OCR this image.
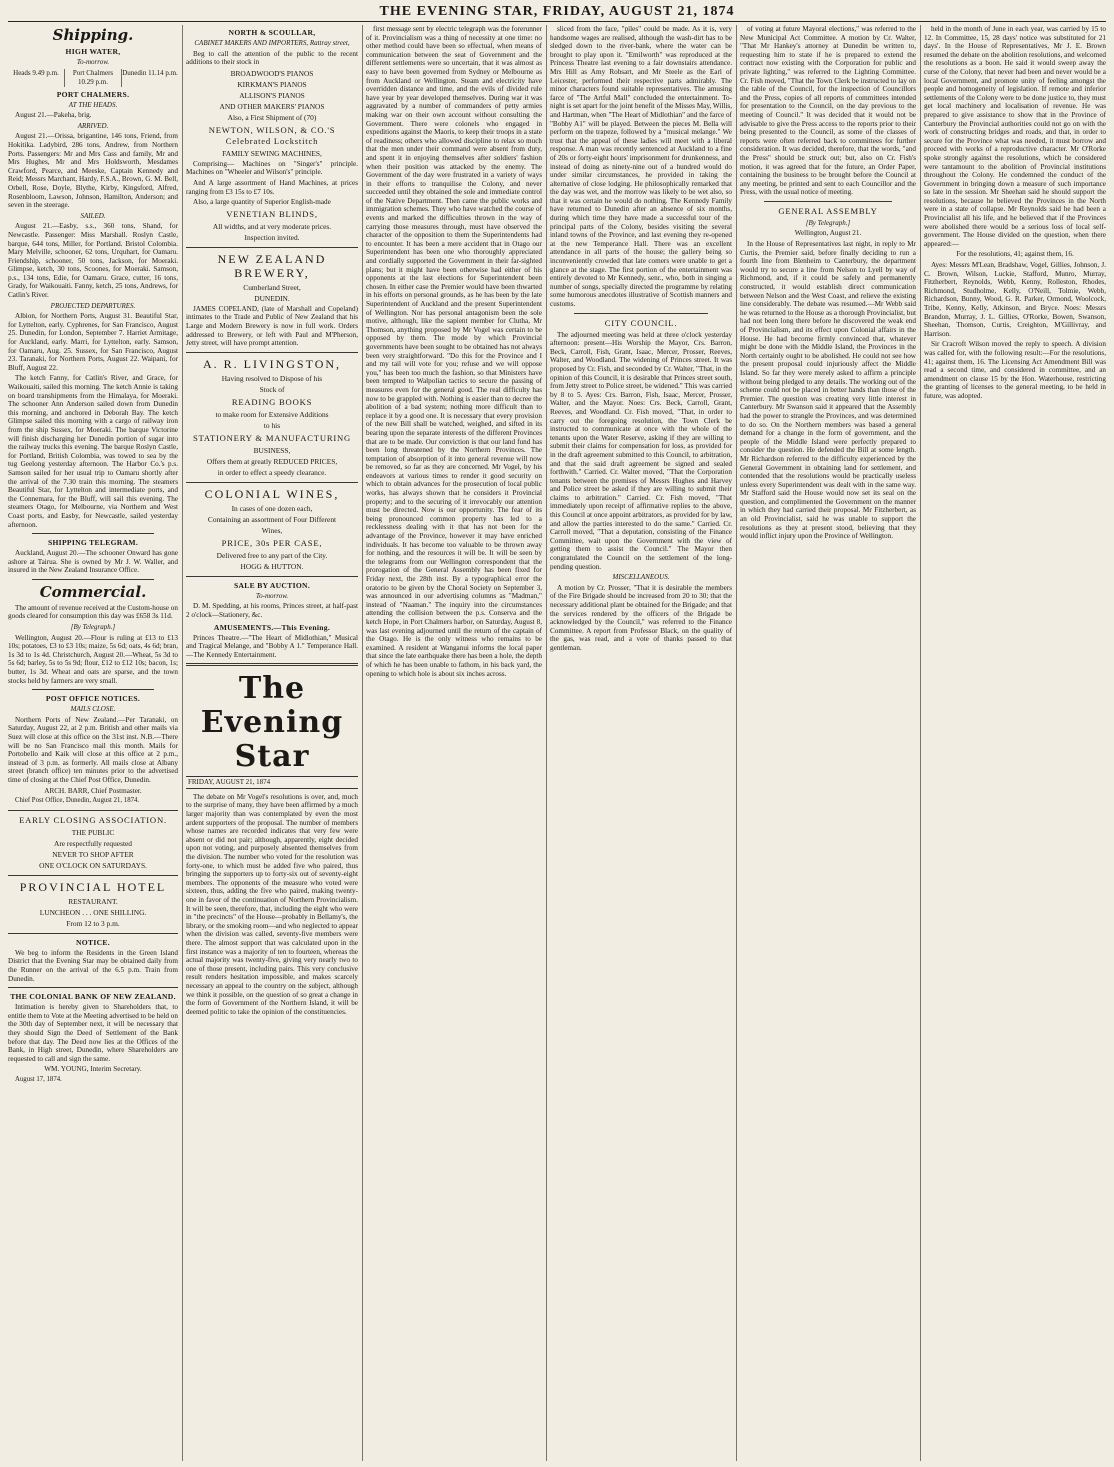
THE EVENING STAR, FRIDAY, AUGUST 21, 1874
Shipping.
HIGH WATER,
To-morrow.
Heads 9.49 p.m.	Port Chalmers 10.29 p.m.
Dunedin 11.14 p.m.
PORT CHALMERS.
AT THE HEADS.

August 21.—Pakeha, brig.

ARRIVED.

August 21.—Orissa, brigantine, 146 tons, Friend, from Hokitika. Ladybird, 286 tons, Andrew, from Northern Ports. Passengers: Mr and Mrs Cass and family, Mr and Mrs Hughes, Mr and Mrs Holdsworth, Mesdames Crawford, Pearce, and Meeske, Captain Kennedy and Reid; Messrs Marchant, Hardy, F.S.A., Brown, G. M. Bell, Orbell, Rose, Doyle, Blythe, Kirby, Kingsford, Alfred, Rosenbloom, Lawson, Johnson, Hamilton, Anderson; and seven in the steerage.

SAILED.

August 21.—Easby, s.s., 360 tons, Shand, for Newcastle. Passenger: Miss Marshall. Roslyn Castle, barque, 644 tons, Miller, for Portland. Bristol Colombia. Mary Melville, schooner, 62 tons, Urquhart, for Oamaru. Friendship, schooner, 50 tons, Jackson, for Moeraki. Glimpse, ketch, 30 tons, Scoones, for Moeraki. Samson, p.s., 134 tons, Edie, for Oamaru. Grace, cutter, 16 tons, Grady, for Waikouaiti. Fanny, ketch, 25 tons, Andrews, for Catlin's River.

PROJECTED DEPARTURES.

Albion, for Northern Ports, August 31. Beautiful Star, for Lyttelton, early. Cyphrenes, for San Francisco, August 25. Dunedin, for London, September 7. Harriet Armitage, for Auckland, early. Marri, for Lyttelton, early. Samson, for Oamaru, Aug. 25. Sussex, for San Francisco, August 23. Taranaki, for Northern Ports, August 22. Waipani, for Bluff, August 22.

The ketch Fanny, for Catlin's River, and Grace, for Waikouaiti, sailed this morning. The ketch Annie is taking on board transhipments from the Himalaya, for Moeraki. The schooner Ann Anderson sailed down from Dunedin this morning, and anchored in Deborah Bay. The ketch Glimpse sailed this morning with a cargo of railway iron from the ship Sussex, for Moeraki. The barque Victorine will finish discharging her Dunedin portion of sugar into the railway trucks this evening. The barque Roslyn Castle, for Portland, British Colombia, was towed to sea by the tug Geelong yesterday afternoon. The Harbor Co.'s p.s. Samson sailed for her usual trip to Oamaru shortly after the arrival of the 7.30 train this morning. The steamers Beautiful Star, for Lyttelton and intermediate ports, and the Connemara, for the Bluff, will sail this evening. The steamers Otago, for Melbourne, via Northern and West Coast ports, and Easby, for Newcastle, sailed yesterday afternoon.

SHIPPING TELEGRAM.

Auckland, August 20.—The schooner Onward has gone ashore at Tairua. She is owned by Mr J. W. Waller, and insured in the New Zealand Insurance Office.

Commercial.

The amount of revenue received at the Custom-house on goods cleared for consumption this day was £658 3s 11d.

[By Telegraph.]

Wellington, August 20.—Flour is ruling at £13 to £13 10s; potatoes, £3 to £3 10s; maize, 5s 6d; oats, 4s 6d; bran, 1s 3d to 1s 4d. Christchurch, August 20.—Wheat, 5s 3d to 5s 6d; barley, 5s to 5s 9d; flour, £12 to £12 10s; bacon, 1s; butter, 1s 3d. Wheat and oats are sparse, and the town stocks held by farmers are very small.

POST OFFICE NOTICES.
MAILS CLOSE.

Northern Ports of New Zealand.—Per Taranaki, on Saturday, August 22, at 2 p.m. British and other mails via Suez will close at this office on the 31st inst. N.B.—There will be no San Francisco mail this month. Mails for Portobello and Kaik will close at this office at 2 p.m., instead of 3 p.m. as formerly. All mails close at Albany street (branch office) ten minutes prior to the advertised time of closing at the Chief Post Office, Dunedin.

ARCH. BARR, Chief Postmaster.

Chief Post Office, Dunedin, August 21, 1874.

EARLY CLOSING ASSOCIATION.
THE PUBLIC
Are respectfully requested
NEVER TO SHOP AFTER
ONE O'CLOCK ON SATURDAYS.
PROVINCIAL HOTEL
RESTAURANT.
LUNCHEON . . . ONE SHILLING.
From 12 to 3 p.m.
NOTICE.

We beg to inform the Residents in the Green Island District that the Evening Star may be obtained daily from the Runner on the arrival of the 6.5 p.m. Train from Dunedin.

THE COLONIAL BANK OF NEW ZEALAND.

Intimation is hereby given to Shareholders that, to entitle them to Vote at the Meeting advertised to be held on the 30th day of September next, it will be necessary that they should Sign the Deed of Settlement of the Bank before that day. The Deed now lies at the Offices of the Bank, in High street, Dunedin, where Shareholders are requested to call and sign the same.

WM. YOUNG, Interim Secretary.

August 17, 1874.

NORTH & SCOULLAR,
CABINET MAKERS AND IMPORTERS, Rattray street,

Beg to call the attention of the public to the recent additions to their stock in

BROADWOOD'S PIANOS
KIRKMAN'S PIANOS
ALLISON'S PIANOS
AND OTHER MAKERS' PIANOS
Also, a First Shipment of (70)
NEWTON, WILSON, & CO.'S Celebrated Lockstitch
FAMILY SEWING MACHINES,

Comprising— Machines on "Singer's" principle. Machines on "Wheeler and Wilson's" principle.

And A large assortment of Hand Machines, at prices ranging from £3 15s to £7 10s.

Also, a large quantity of Superior English-made

VENETIAN BLINDS,
All widths, and at very moderate prices.
Inspection invited.
NEW ZEALAND BREWERY,
Cumberland Street,
DUNEDIN.

JAMES COPELAND, (late of Marshall and Copeland) intimates to the Trade and Public of New Zealand that his Large and Modern Brewery is now in full work. Orders addressed to Brewery, or left with Paul and M'Pherson, Jetty street, will have prompt attention.

A. R. LIVINGSTON,
Having resolved to Dispose of his
Stock of
READING BOOKS
to make room for Extensive Additions
to his
STATIONERY & MANUFACTURING
BUSINESS,
Offers them at greatly REDUCED PRICES,
in order to effect a speedy clearance.
COLONIAL WINES,
In cases of one dozen each,
Containing an assortment of Four Different
Wines,
PRICE, 30s PER CASE,
Delivered free to any part of the City.
HOGG & HUTTON.
SALE BY AUCTION.
To-morrow.

D. M. Spedding, at his rooms, Princes street, at half-past 2 o'clock—Stationery, &c.

AMUSEMENTS.—This Evening.

Princes Theatre.—"The Heart of Midlothian," Musical and Tragical Melange, and "Bobby A 1." Temperance Hall.—The Kennedy Entertainment.

The Evening Star
FRIDAY, AUGUST 21, 1874

The debate on Mr Vogel's resolutions is over, and, much to the surprise of many, they have been affirmed by a much larger majority than was contemplated by even the most ardent supporters of the proposal. The number of members whose names are recorded indicates that very few were absent or did not pair; although, apparently, eight decided upon not voting, and purposely absented themselves from the division. The number who voted for the resolution was forty-one, to which must be added five who paired, thus bringing the supporters up to forty-six out of seventy-eight members. The opponents of the measure who voted were sixteen, thus, adding the five who paired, making twenty-one in favor of the continuation of Northern Provincialism. It will be seen, therefore, that, including the eight who were in "the precincts" of the House—probably in Bellamy's, the library, or the smoking room—and who neglected to appear when the division was called, seventy-five members were there. The almost support that was calculated upon in the first instance was a majority of ten to fourteen, whereas the actual majority was twenty-five, giving very nearly two to one of those present, including pairs. This very conclusive result renders hesitation impossible, and makes scarcely necessary an appeal to the country on the subject, although we think it possible, on the question of so great a change in the form of Government of the Northern Island, it will be deemed politic to take the opinion of the constituencies.

first message sent by electric telegraph was the forerunner of it. Provincialism was a thing of necessity at one time: no other method could have been so effectual, when means of communication between the seat of Government and the different settlements were so uncertain, that it was almost as easy to have been governed from Sydney or Melbourne as from Auckland or Wellington. Steam and electricity have overridden distance and time, and the evils of divided rule have year by year developed themselves. During war it was aggravated by a number of commanders of petty armies making war on their own account without consulting the Government. There were colonels who engaged in expeditions against the Maoris, to keep their troops in a state of readiness; others who allowed discipline to relax so much that the men under their command were absent from duty, and spent it in enjoying themselves after soldiers' fashion when their position was attacked by the enemy. The Government of the day were frustrated in a variety of ways in their efforts to tranquilise the Colony, and never succeeded until they obtained the sole and immediate control of the Native Department. Then came the public works and immigration schemes. They who have watched the course of events and marked the difficulties thrown in the way of carrying those measures through, must have observed the character of the opposition to them the Superintendents had to encounter. It has been a mere accident that in Otago our Superintendent has been one who thoroughly appreciated and cordially supported the Government in their far-sighted plans; but it might have been otherwise had either of his opponents at the last elections for Superintendent been chosen. In either case the Premier would have been thwarted in his efforts on personal grounds, as he has been by the late Superintendent of Auckland and the present Superintendent of Wellington. Nor has personal antagonism been the sole motive, although, like the sapient member for Clutha, Mr Thomson, anything proposed by Mr Vogel was certain to be opposed by them. The mode by which Provincial governments have been sought to be obtained has not always been very straightforward. "Do this for the Province and I and my tail will vote for you; refuse and we will oppose you," has been too much the fashion, so that Ministers have been tempted to Walpolian tactics to secure the passing of measures even for the general good. The real difficulty has now to be grappled with. Nothing is easier than to decree the abolition of a bad system; nothing more difficult than to replace it by a good one. It is necessary that every provision of the new Bill shall be watched, weighed, and sifted in its bearing upon the separate interests of the different Provinces that are to be made. Our conviction is that our land fund has been long threatened by the Northern Provinces. The temptation of absorption of it into general revenue will now be removed, so far as they are concerned. Mr Vogel, by his endeavors at various times to render it good security on which to obtain advances for the prosecution of local public works, has always shown that he considers it Provincial property; and to the securing of it irrevocably our attention must be directed. Now is our opportunity. The fear of its being pronounced common property has led to a recklessness dealing with it that has not been for the advantage of the Province, however it may have enriched individuals. It has become too valuable to be thrown away for nothing, and the resources it will be. It will be seen by the telegrams from our Wellington correspondent that the prorogation of the General Assembly has been fixed for Friday next, the 28th inst. By a typographical error the oratorio to be given by the Choral Society on September 3, was announced in our advertising columns as "Madman," instead of "Naaman." The inquiry into the circumstances attending the collision between the p.s. Conserva and the ketch Hope, in Port Chalmers harbor, on Saturday, August 8, was last evening adjourned until the return of the captain of the Otago. He is the only witness who remains to be examined. A resident at Wanganui informs the local paper that since the late earthquake there has been a hole, the depth of which he has been unable to fathom, in his back yard, the opening to which hole is about six inches across.

sliced from the face, "piles" could be made. As it is, very handsome wages are realised, although the wash-dirt has to be sledged down to the river-bank, where the water can be brought to play upon it. "Emilworth" was reproduced at the Princess Theatre last evening to a fair downstairs attendance. Mrs Hill as Amy Robsart, and Mr Steele as the Earl of Leicester, performed their respective parts admirably. The minor characters found suitable representatives. The amusing farce of "The Artful Mall" concluded the entertainment. To-night is set apart for the joint benefit of the Misses May, Willis, and Hartman, when "The Heart of Midlothian" and the farce of "Bobby A1" will be played. Between the pieces M. Bella will perform on the trapeze, followed by a "musical melange." We trust that the appeal of these ladies will meet with a liberal response. A man was recently sentenced at Auckland to a fine of 20s or forty-eight hours' imprisonment for drunkenness, and instead of doing as ninety-nine out of a hundred would do under similar circumstances, he provided in taking the alternative of close lodging. He philosophically remarked that the day was wet, and the morrow was likely to be wet also, so that it was certain he would do nothing. The Kennedy Family have returned to Dunedin after an absence of six months, during which time they have made a successful tour of the principal parts of the Colony, besides visiting the several inland towns of the Province, and last evening they re-opened at the new Temperance Hall. There was an excellent attendance in all parts of the house; the gallery being so inconveniently crowded that late comers were unable to get a glance at the stage. The first portion of the entertainment was entirely devoted to Mr Kennedy, senr., who, both in singing a number of songs, specially directed the programme by relating some humorous anecdotes illustrative of Scottish manners and customs.

CITY COUNCIL.

The adjourned meeting was held at three o'clock yesterday afternoon: present—His Worship the Mayor, Crs. Barron, Beck, Carroll, Fish, Grant, Isaac, Mercer, Prosser, Reeves, Walter, and Woodland. The widening of Princes street. It was proposed by Cr. Fish, and seconded by Cr. Walter, "That, in the opinion of this Council, it is desirable that Princes street south, from Jetty street to Police street, be widened." This was carried by 8 to 5. Ayes: Crs. Barron, Fish, Isaac, Mercer, Prosser, Walter, and the Mayor. Noes: Crs. Beck, Carroll, Grant, Reeves, and Woodland. Cr. Fish moved, "That, in order to carry out the foregoing resolution, the Town Clerk be instructed to communicate at once with the whole of the tenants upon the Water Reserve, asking if they are willing to submit their claims for compensation for loss, as provided for in the draft agreement submitted to this Council, to arbitration, and that the said draft agreement be signed and sealed forthwith." Carried. Cr. Walter moved, "That the Corporation tenants between the premises of Messrs Hughes and Harvey and Police street be asked if they are willing to submit their claims to arbitration." Carried. Cr. Fish moved, "That immediately upon receipt of affirmative replies to the above, this Council at once appoint arbitrators, as provided for by law, and allow the parties interested to do the same." Carried. Cr. Carroll moved, "That a deputation, consisting of the Finance Committee, wait upon the Government with the view of getting them to assist the Council." The Mayor then congratulated the Council on the settlement of the long-pending question.

MISCELLANEOUS.

A motion by Cr. Prosser, "That it is desirable the members of the Fire Brigade should be increased from 20 to 30; that the necessary additional plant be obtained for the Brigade; and that the services rendered by the officers of the Brigade be acknowledged by the Council," was referred to the Finance Committee. A report from Professor Black, on the quality of the gas, was read, and a vote of thanks passed to that gentleman.

of voting at future Mayoral elections," was referred to the New Municipal Act Committee. A motion by Cr. Walter, "That Mr Hankey's attorney at Dunedin be written to, requesting him to state if he is prepared to extend the contract now existing with the Corporation for public and private lighting," was referred to the Lighting Committee. Cr. Fish moved, "That the Town Clerk be instructed to lay on the table of the Council, for the inspection of Councillors and the Press, copies of all reports of committees intended for presentation to the Council, on the day previous to the meeting of Council." It was decided that it would not be advisable to give the Press access to the reports prior to their being presented to the Council, as some of the classes of reports were often referred back to committees for further consideration. It was decided, therefore, that the words, "and the Press" should be struck out; but, also on Cr. Fish's motion, it was agreed that for the future, an Order Paper, containing the business to be brought before the Council at any meeting, be printed and sent to each Councillor and the Press, with the usual notice of meeting.

GENERAL ASSEMBLY
[By Telegraph.]

Wellington, August 21.

In the House of Representatives last night, in reply to Mr Curtis, the Premier said, before finally deciding to run a fourth line from Blenheim to Canterbury, the department would try to secure a line from Nelson to Lyell by way of Richmond, and, if it could be safely and permanently constructed, it would establish direct communication between Nelson and the West Coast, and relieve the existing line considerably. The debate was resumed.—Mr Webb said he was returned to the House as a thorough Provincialist, but had not been long there before he discovered the weak end of Provincialism, and its effect upon Colonial affairs in the House. He had become firmly convinced that, whatever might be done with the Middle Island, the Provinces in the North certainly ought to be abolished. He could not see how the present proposal could injuriously affect the Middle Island. So far they were merely asked to affirm a principle without being pledged to any details. The working out of the scheme could not be placed in better hands than those of the Premier. The question was creating very little interest in Canterbury. Mr Swanson said it appeared that the Assembly had the power to strangle the Provinces, and was determined to do so. On the Northern members was based a general demand for a change in the form of government, and the people of the Middle Island were perfectly prepared to consider the question. He defended the Bill at some length. Mr Richardson referred to the difficulty experienced by the General Government in obtaining land for settlement, and contended that the resolutions would be practically useless unless every Superintendent was dealt with in the same way. Mr Stafford said the House would now set its seal on the question, and complimented the Government on the manner in which they had carried their proposal. Mr Fitzherbert, as an old Provincialist, said he was unable to support the resolutions as they at present stood, believing that they would inflict injury upon the Province of Wellington.

held in the month of June in each year, was carried by 15 to 12. In Committee, 15, 28 days' notice was substituted for 21 days'. In the House of Representatives, Mr J. E. Brown resumed the debate on the abolition resolutions, and welcomed the resolutions as a boon. He said it would sweep away the curse of the Colony, that never had been and never would be a local Government, and promote unity of feeling amongst the people and homogeneity of legislation. If remote and inferior settlements of the Colony were to be done justice to, they must get local machinery and localisation of revenue. He was prepared to give assistance to show that in the Province of Canterbury the Provincial authorities could not go on with the work of constructing bridges and roads, and that, in order to secure for the Province what was needed, it must borrow and proceed with works of a reproductive character. Mr O'Rorke spoke strongly against the resolutions, which he considered were tantamount to the abolition of Provincial institutions throughout the Colony. He condemned the conduct of the Government in bringing down a measure of such importance so late in the session. Mr Sheehan said he should support the resolutions, because he believed the Provinces in the North were in a state of collapse. Mr Reynolds said he had been a Provincialist all his life, and he believed that if the Provinces were abolished there would be a serious loss of local self-government. The House divided on the question, when there appeared:—

For the resolutions, 41; against them, 16.

Ayes: Messrs M'Lean, Bradshaw, Vogel, Gillies, Johnson, J. C. Brown, Wilson, Luckie, Stafford, Munro, Murray, Fitzherbert, Reynolds, Webb, Kenny, Rolleston, Rhodes, Richmond, Studholme, Kelly, O'Neill, Tolmie, Webb, Richardson, Bunny, Wood, G. R. Parker, Ormond, Woolcock, Tribe, Kenny, Kelly, Atkinson, and Bryce. Noes: Messrs Brandon, Murray, J. L. Gillies, O'Rorke, Bowen, Swanson, Sheehan, Thomson, Curtis, Creighton, M'Gillivray, and Harrison.

Sir Cracroft Wilson moved the reply to speech. A division was called for, with the following result:—For the resolutions, 41; against them, 16. The Licensing Act Amendment Bill was read a second time, and considered in committee, and an amendment on clause 15 by the Hon. Waterhouse, restricting the granting of licenses to the general meeting, to be held in future, was adopted.
